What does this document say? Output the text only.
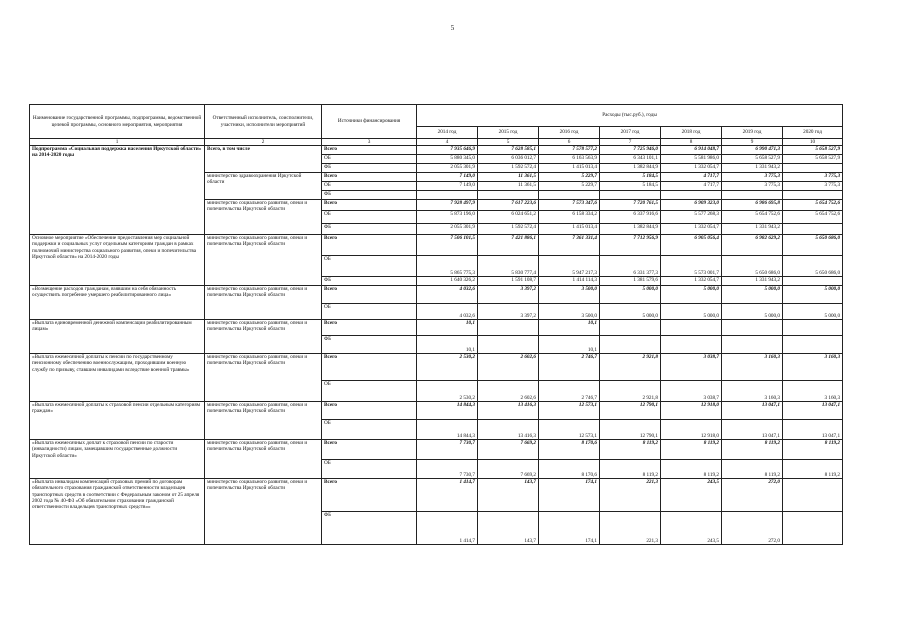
5
Наименование государственной программы, подпрограммы, ведомственной целевой программы, основного мероприятия, мероприятия	Ответственный исполнитель, соисполнители, участники, исполнители мероприятий	Источники финансирования	Расходы (тыс.руб.), годы						
			2014 год	2015 год	2016 год	2017 год	2018 год	2019 год	2020 год
1	2	3	4	5	6	7	8	9	10
Подпрограмма «Социальная поддержка населения Иркутской области» на 2014-2020 годы	Всего, в том числе	Всего	7 935 646,9	7 628 585,1	7 578 577,2	7 725 946,0	6 914 048,7	6 990 471,3	5 658 527,9
		ОБ	5 880 345,0	6 036 012,7	6 163 563,9	6 343 101,1	5 581 986,0	5 658 527,9	5 658 527,9
		ФБ	2 055 301,9	1 592 572,4	1 415 013,4	1 382 844,9	1 332 054,7	1 331 943,2	
	министерство здравоохранения Иркутской области	Всего	7 149,0	11 361,5	5 229,7	5 184,5	4 717,7	3 775,3	3 775,3
		ОБ	7 149,0	11 361,5	5 229,7	5 184,5	4 717,7	3 775,3	3 775,3
		ФБ							
	министерство социального развития, опеки и попечительства Иркутской области	Всего	7 928 497,9	7 617 223,6	7 573 347,6	7 720 761,5	6 909 323,0	6 986 695,8	5 654 752,6
		ОБ	5 873 196,0	6 024 651,2	6 158 334,2	6 337 916,6	5 577 268,3	5 654 752,6	5 654 752,6
		ФБ	2 055 301,9	1 592 572,4	1 415 013,4	1 382 844,9	1 332 054,7	1 331 943,2	
Основное мероприятие «Обеспечение предоставления мер социальной поддержки и социальных услуг отдельным категориям граждан в рамках полномочий министерства социального развития, опеки и попечительства Иркутской области» на 2014-2020 годы	министерство социального развития, опеки и попечительства Иркутской области	Всего	7 506 101,5	7 421 886,1	7 361 331,4	7 712 956,9	6 905 056,4	6 982 629,2	5 650 686,0
		ОБ	5 865 775,3	5 830 777,4	5 947 217,3	6 331 377,3	5 573 001,7	5 650 686,0	5 650 686,0
		ФБ	1 640 326,2	1 591 108,7	1 414 114,3	1 381 579,6	1 332 054,7	1 331 943,2	
«Возмещение расходов гражданам, взявшим на себя обязанность осуществить погребение умершего реабилитированного лица»	министерство социального развития, опеки и попечительства Иркутской области	Всего	4 032,6	3 397,2	3 500,0	5 000,0	5 000,0	5 000,0	5 000,0
		ОБ	4 032,6	3 397,2	3 500,0	5 000,0	5 000,0	5 000,0	5 000,0
«Выплата единовременной денежной компенсации реабилитированным лицам»	министерство социального развития, опеки и попечительства Иркутской области	Всего	10,1		10,1				
		ФБ	10,1		10,1				
«Выплата ежемесячной доплаты к пенсии по государственному пенсионному обеспечению военнослужащим, проходившим военную службу по призыву, ставшим инвалидами вследствие военной травмы»	министерство социального развития, опеки и попечительства Иркутской области	Всего	2 530,2	2 602,6	2 746,7	2 921,8	3 038,7	3 160,3	3 160,3
		ОБ	2 530,2	2 602,6	2 746,7	2 921,8	3 038,7	3 160,3	3 160,3
«Выплата ежемесячной доплаты к страховой пенсии отдельным категориям граждан»	министерство социального развития, опеки и попечительства Иркутской области	Всего	14 844,3	13 416,3	12 573,1	12 790,1	12 918,0	13 047,1	13 047,1
		ОБ	14 844,3	13 416,3	12 573,1	12 790,1	12 918,0	13 047,1	13 047,1
«Выплата ежемесячных доплат к страховой пенсии по старости (инвалидности) лицам, замещавшим государственные должности Иркутской области»	министерство социального развития, опеки и попечительства Иркутской области	Всего	7 730,7	7 669,2	8 170,6	8 119,2	8 119,2	8 119,2	8 119,2
		ОБ	7 730,7	7 669,2	8 170,6	8 119,2	8 119,2	8 119,2	8 119,2
«Выплата инвалидам компенсаций страховых премий по договорам обязательного страхования гражданской ответственности владельцев транспортных средств в соответствии с Федеральным законом от 25 апреля 2002 года № 40-ФЗ «Об обязательном страховании гражданской ответственности владельцев транспортных средств»»	министерство социального развития, опеки и попечительства Иркутской области	Всего	1 414,7	143,7	174,1	221,3	243,5	272,0	
		ФБ	1 414,7	143,7	174,1	221,3	243,5	272,0	
